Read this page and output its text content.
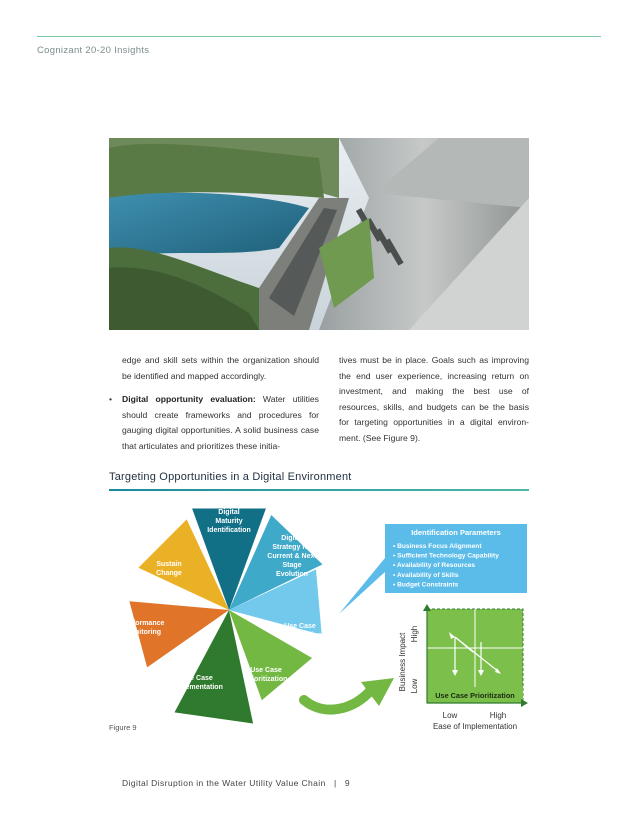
Cognizant 20-20 Insights

edge and skill sets within the organization should be identified and mapped accordingly.

• Digital opportunity evaluation: Water utilities should create frameworks and procedures for gauging digital opportunities. A solid business case that articulates and prioritizes these initia-

tives must be in place. Goals such as improving the end user experience, increasing return on investment, and making the best use of resources, skills, and budgets can be the basis for targeting opportunities in a digital environ-ment. (See Figure 9).

Targeting Opportunities in a Digital Environment
Digital Maturity Identification
Digital Strategy for Current & Next Stage Evolution
Use Case Identification
Use Case Prioritization
Use Case Implementation
Performance Monitoring
Sustain Change
Identification Parameters
• Business Focus Alignment
• Sufficient Technology Capability
• Availability of Resources
• Availability of Skills
• Budget Constraints
Use Case Prioritization
Business Impact Low
High
Low	High
Ease of Implementation
Figure 9
Digital Disruption in the Water Utility Value Chain | 9
